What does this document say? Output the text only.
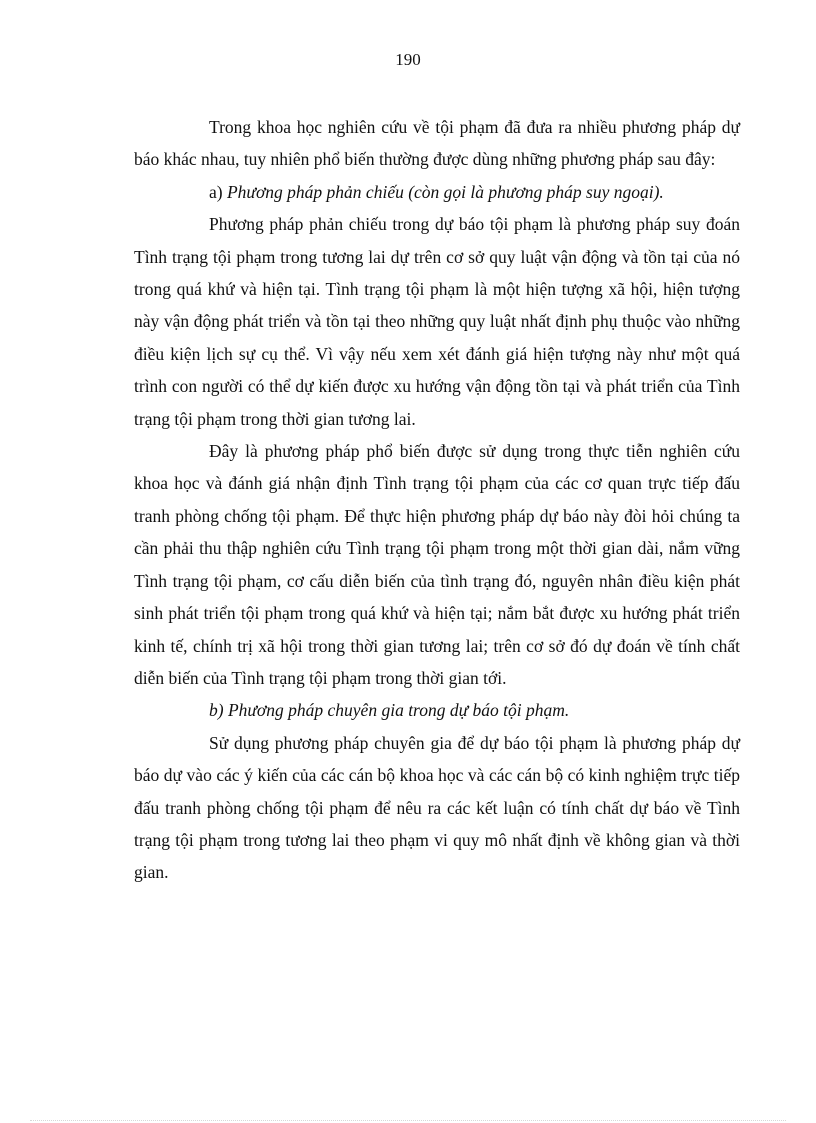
190

Trong khoa học nghiên cứu về tội phạm đã đưa ra nhiều phương pháp dự báo khác nhau, tuy nhiên phổ biến thường được dùng những phương pháp sau đây:

a) Phương pháp phản chiếu (còn gọi là phương pháp suy ngoại).

Phương pháp phản chiếu trong dự báo tội phạm là phương pháp suy đoán Tình trạng tội phạm trong tương lai dự trên cơ sở quy luật vận động và tồn tại của nó trong quá khứ và hiện tại. Tình trạng tội phạm là một hiện tượng xã hội, hiện tượng này vận động phát triển và tồn tại theo những quy luật nhất định phụ thuộc vào những điều kiện lịch sự cụ thể. Vì vậy nếu xem xét đánh giá hiện tượng này như một quá trình con người có thể dự kiến được xu hướng vận động tồn tại và phát triển của Tình trạng tội phạm trong thời gian tương lai.

Đây là phương pháp phổ biến được sử dụng trong thực tiễn nghiên cứu khoa học và đánh giá nhận định Tình trạng tội phạm của các cơ quan trực tiếp đấu tranh phòng chống tội phạm. Để thực hiện phương pháp dự báo này đòi hỏi chúng ta cần phải thu thập nghiên cứu Tình trạng tội phạm trong một thời gian dài, nắm vững Tình trạng tội phạm, cơ cấu diễn biến của tình trạng đó, nguyên nhân điều kiện phát sinh phát triển tội phạm trong quá khứ và hiện tại; nắm bắt được xu hướng phát triển kinh tế, chính trị xã hội trong thời gian tương lai; trên cơ sở đó dự đoán về tính chất diễn biến của Tình trạng tội phạm trong thời gian tới.

b) Phương pháp chuyên gia trong dự báo tội phạm.

Sử dụng phương pháp chuyên gia để dự báo tội phạm là phương pháp dự báo dự vào các ý kiến của các cán bộ khoa học và các cán bộ có kinh nghiệm trực tiếp đấu tranh phòng chống tội phạm để nêu ra các kết luận có tính chất dự báo về Tình trạng tội phạm trong tương lai theo phạm vi quy mô nhất định về không gian và thời gian.
